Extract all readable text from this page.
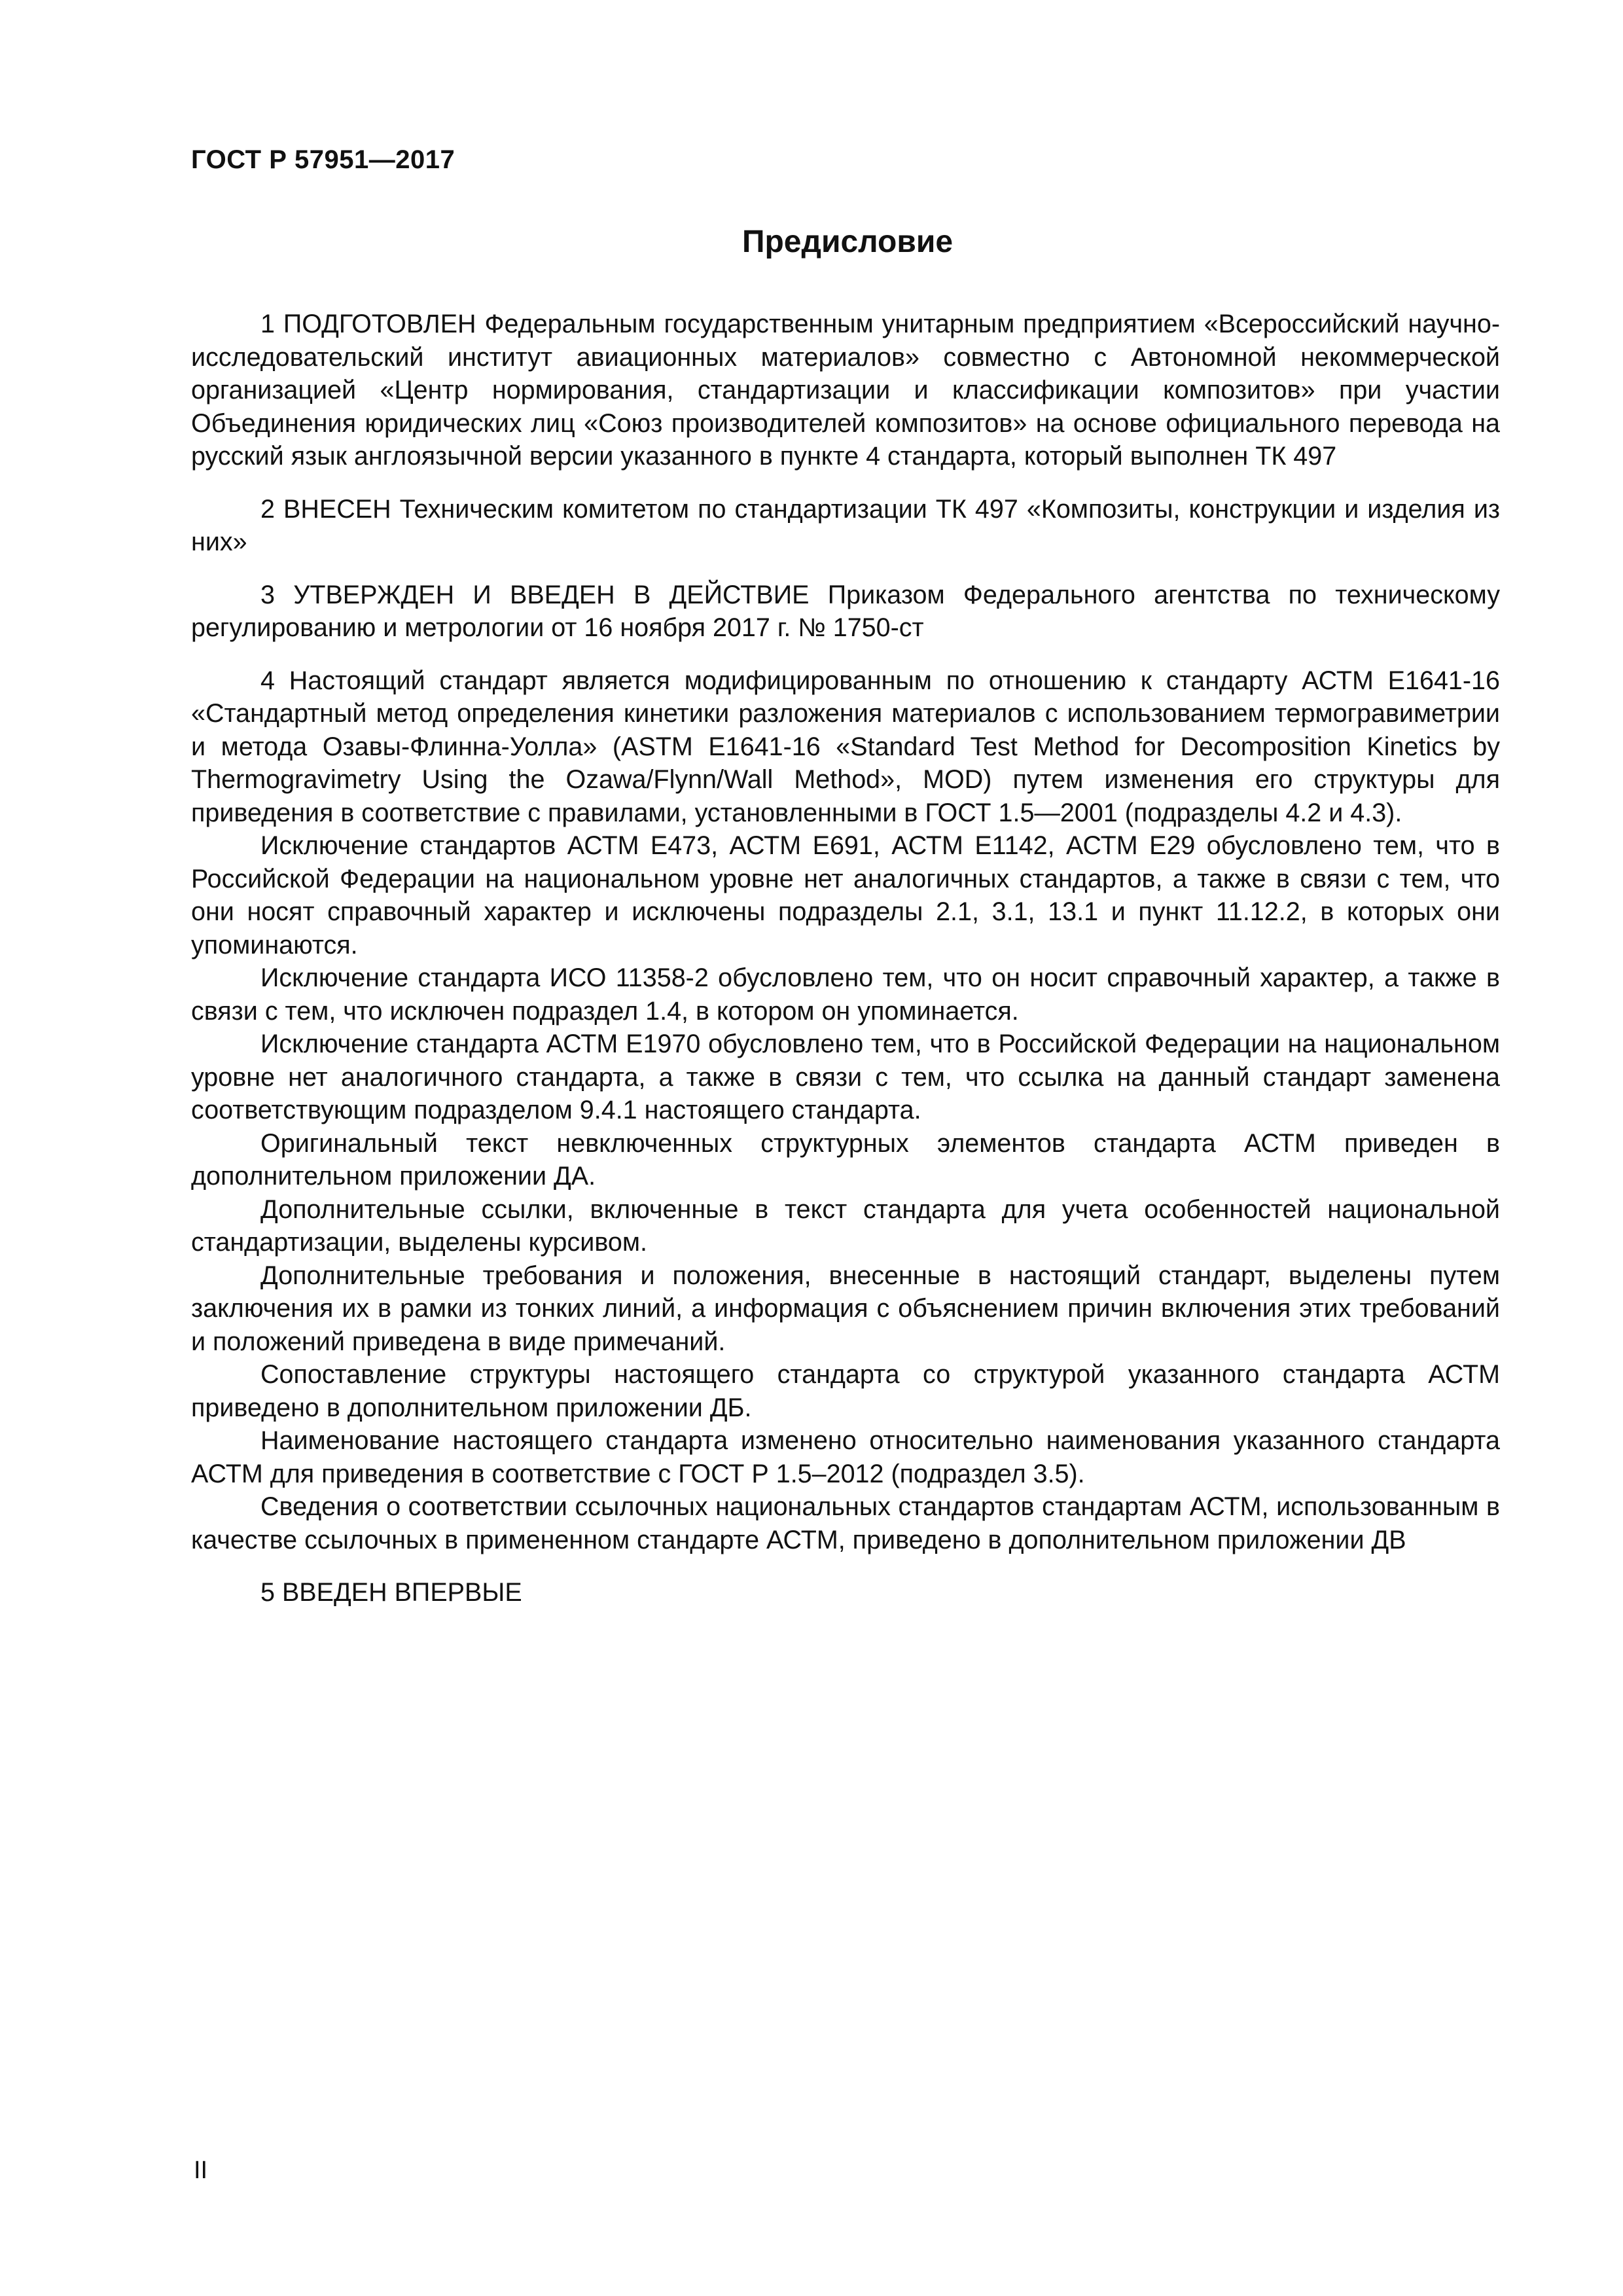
ГОСТ Р 57951—2017
Предисловие

1 ПОДГОТОВЛЕН Федеральным государственным унитарным предприятием «Всероссийский научно-исследовательский институт авиационных материалов» совместно с Автономной некоммерческой организацией «Центр нормирования, стандартизации и классификации композитов» при участии Объединения юридических лиц «Союз производителей композитов» на основе официального перевода на русский язык англоязычной версии указанного в пункте 4 стандарта, который выполнен ТК 497

2 ВНЕСЕН Техническим комитетом по стандартизации ТК 497 «Композиты, конструкции и изделия из них»

3 УТВЕРЖДЕН И ВВЕДЕН В ДЕЙСТВИЕ Приказом Федерального агентства по техническому регулированию и метрологии от 16 ноября 2017 г. № 1750-ст

4 Настоящий стандарт является модифицированным по отношению к стандарту АСТМ Е1641-16 «Стандартный метод определения кинетики разложения материалов с использованием термогравиметрии и метода Озавы-Флинна-Уолла» (ASTM E1641-16 «Standard Test Method for Decomposition Kinetics by Thermogravimetry Using the Ozawa/Flynn/Wall Method», MOD) путем изменения его структуры для приведения в соответствие с правилами, установленными в ГОСТ 1.5—2001 (подразделы 4.2 и 4.3).

Исключение стандартов АСТМ Е473, АСТМ Е691, АСТМ Е1142, АСТМ Е29 обусловлено тем, что в Российской Федерации на национальном уровне нет аналогичных стандартов, а также в связи с тем, что они носят справочный характер и исключены подразделы 2.1, 3.1, 13.1 и пункт 11.12.2, в которых они упоминаются.

Исключение стандарта ИСО 11358-2 обусловлено тем, что он носит справочный характер, а также в связи с тем, что исключен подраздел 1.4, в котором он упоминается.

Исключение стандарта АСТМ Е1970 обусловлено тем, что в Российской Федерации на национальном уровне нет аналогичного стандарта, а также в связи с тем, что ссылка на данный стандарт заменена соответствующим подразделом 9.4.1 настоящего стандарта.

Оригинальный текст невключенных структурных элементов стандарта АСТМ приведен в дополнительном приложении ДА.

Дополнительные ссылки, включенные в текст стандарта для учета особенностей национальной стандартизации, выделены курсивом.

Дополнительные требования и положения, внесенные в настоящий стандарт, выделены путем заключения их в рамки из тонких линий, а информация с объяснением причин включения этих требований и положений приведена в виде примечаний.

Сопоставление структуры настоящего стандарта со структурой указанного стандарта АСТМ приведено в дополнительном приложении ДБ.

Наименование настоящего стандарта изменено относительно наименования указанного стандарта АСТМ для приведения в соответствие с ГОСТ Р 1.5–2012 (подраздел 3.5).

Сведения о соответствии ссылочных национальных стандартов стандартам АСТМ, использованным в качестве ссылочных в примененном стандарте АСТМ, приведено в дополнительном приложении ДВ

5 ВВЕДЕН ВПЕРВЫЕ

II
